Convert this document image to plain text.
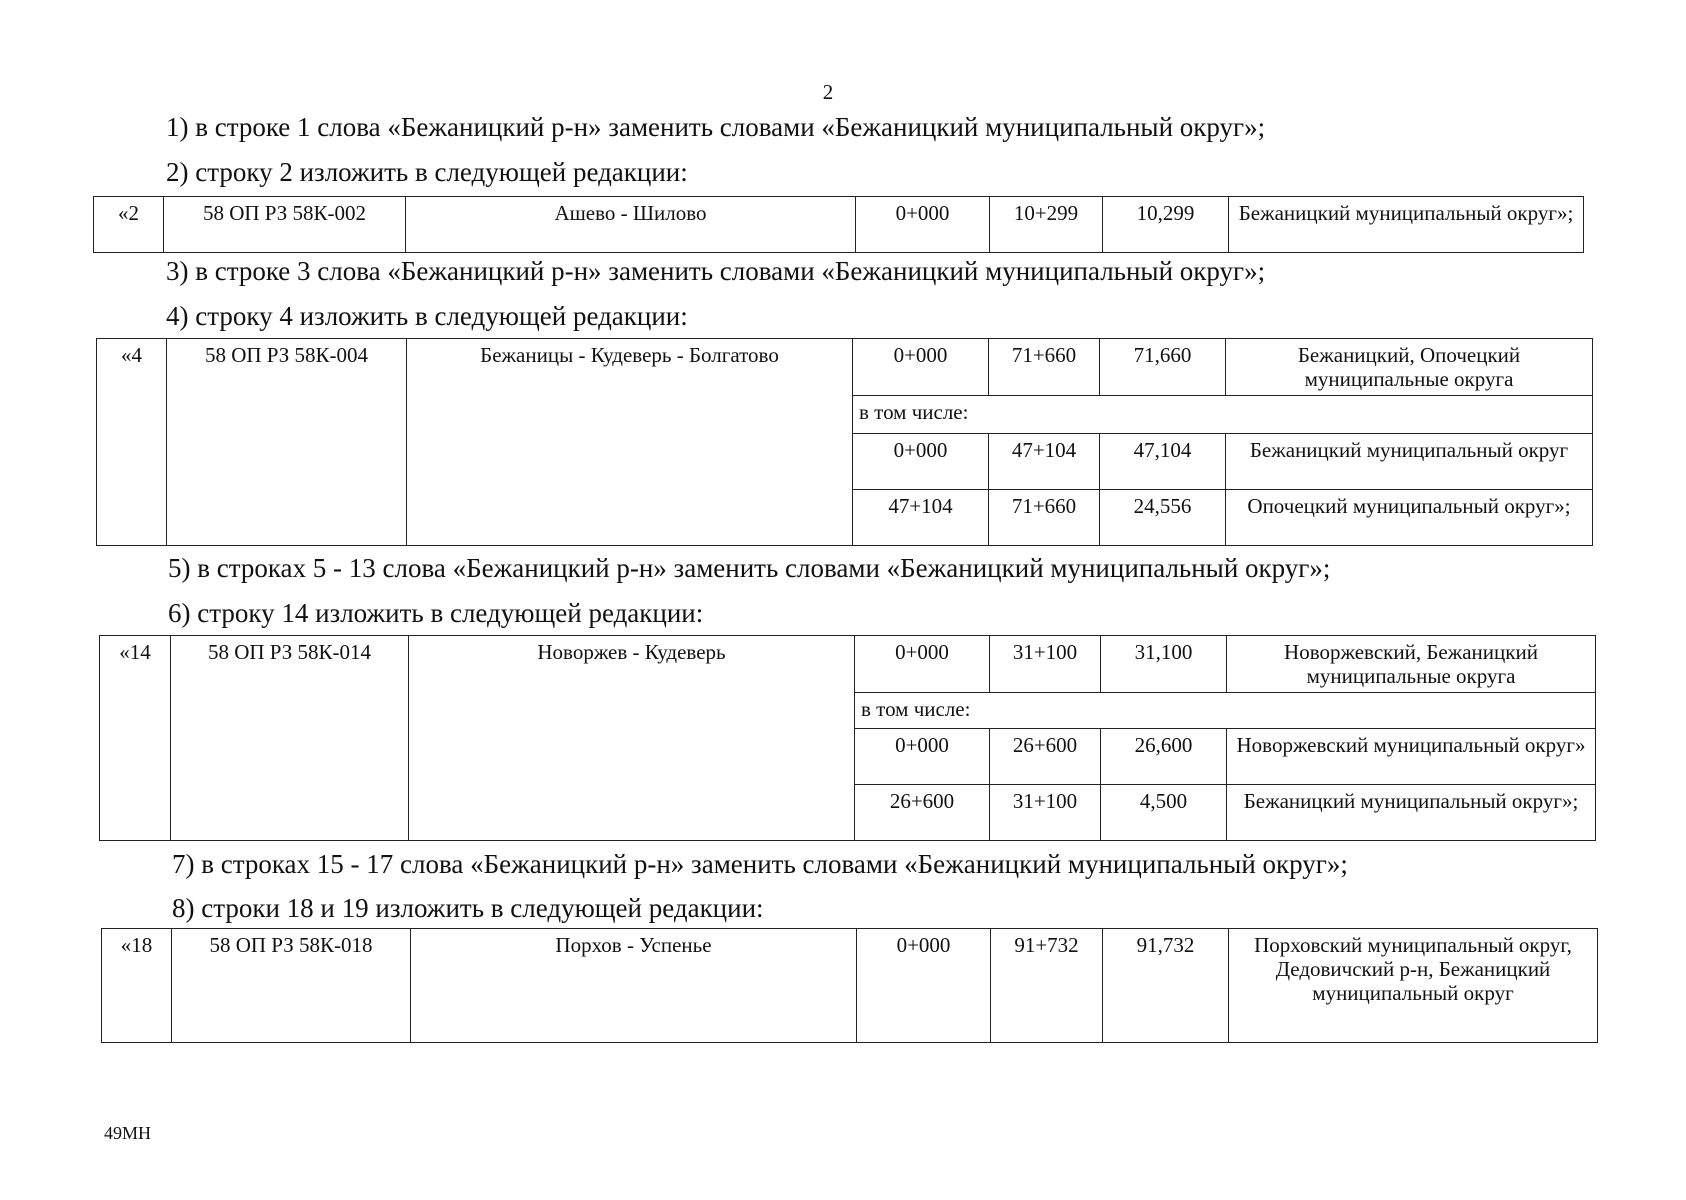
2
1) в строке 1 слова «Бежаницкий р-н» заменить словами «Бежаницкий муниципальный округ»;
2) строку 2 изложить в следующей редакции:
«2	58 ОП РЗ 58К-002	Ашево - Шилово	0+000	10+299	10,299	Бежаницкий муниципальный округ»;
3) в строке 3 слова «Бежаницкий р-н» заменить словами «Бежаницкий муниципальный округ»;
4) строку 4 изложить в следующей редакции:
«4	58 ОП РЗ 58К-004	Бежаницы - Кудеверь - Болгатово	0+000	71+660	71,660	Бежаницкий, Опочецкий муниципальные округа
			в том числе:			
			0+000	47+104	47,104	Бежаницкий муниципальный округ
			47+104	71+660	24,556	Опочецкий муниципальный округ»;
5) в строках 5 - 13 слова «Бежаницкий р-н» заменить словами «Бежаницкий муниципальный округ»;
6) строку 14 изложить в следующей редакции:
«14	58 ОП РЗ 58К-014	Новоржев - Кудеверь	0+000	31+100	31,100	Новоржевский, Бежаницкий муниципальные округа
			в том числе:			
			0+000	26+600	26,600	Новоржевский муниципальный округ»
			26+600	31+100	4,500	Бежаницкий муниципальный округ»;
7) в строках 15 - 17 слова «Бежаницкий р-н» заменить словами «Бежаницкий муниципальный округ»;
8) строки 18 и 19 изложить в следующей редакции:
«18	58 ОП РЗ 58К-018	Порхов - Успенье	0+000	91+732	91,732	Порховский муниципальный округ, Дедовичский р-н, Бежаницкий муниципальный округ
49МН
